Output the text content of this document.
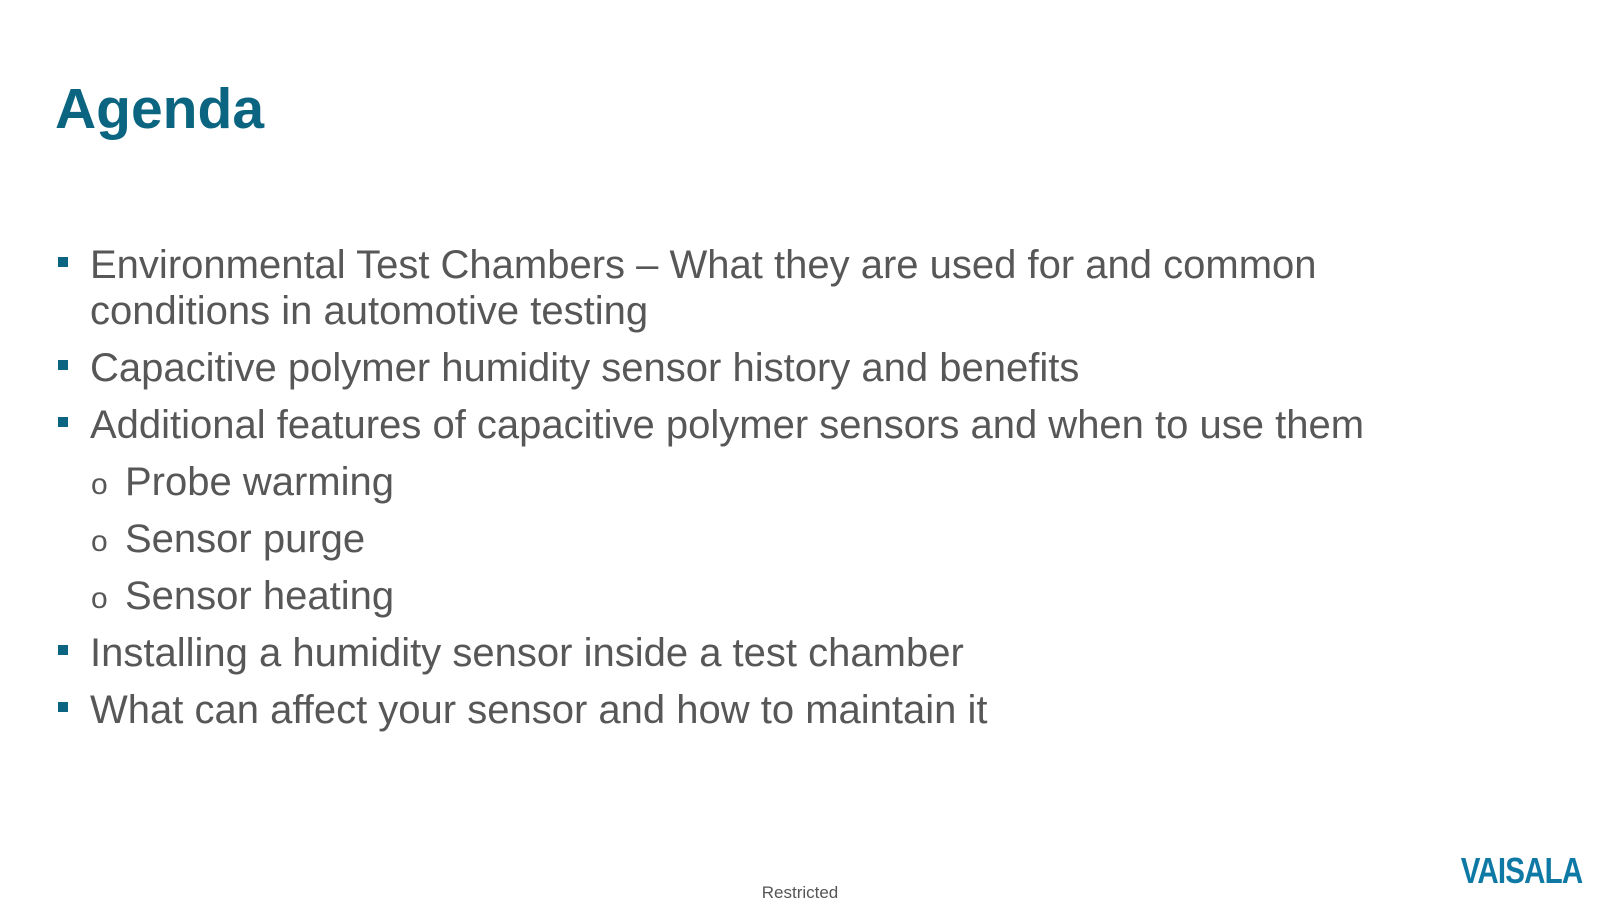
Agenda
Environmental Test Chambers – What they are used for and common conditions in automotive testing
Capacitive polymer humidity sensor history and benefits
Additional features of capacitive polymer sensors and when to use them
o Probe warming
o Sensor purge
o Sensor heating
Installing a humidity sensor inside a test chamber
What can affect your sensor and how to maintain it
Restricted
VAISALA
